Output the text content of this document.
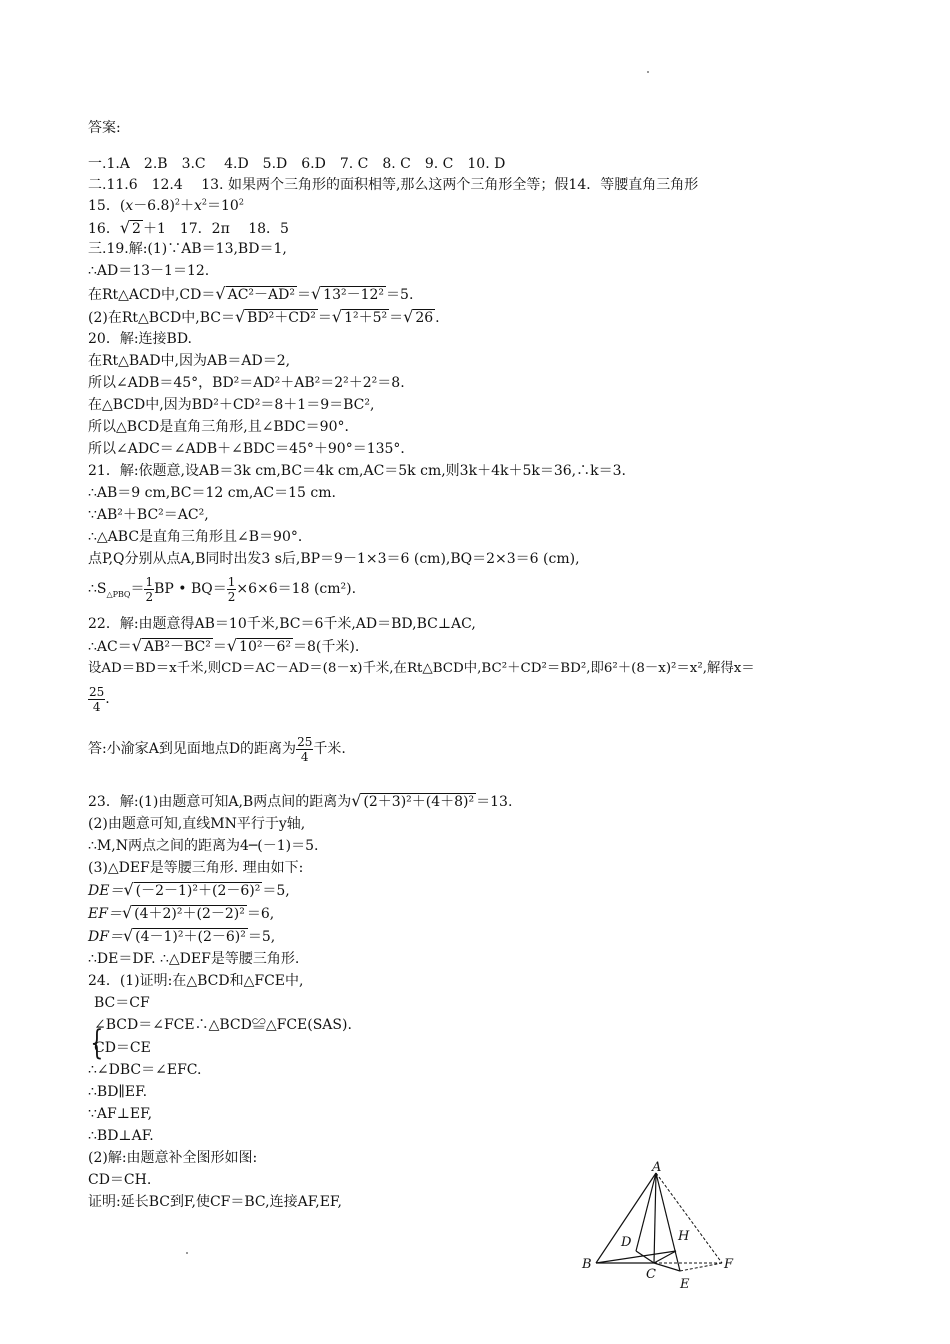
答案:
一.1.A　2.B　3.C　 4.D　5.D　6.D　7. C　8. C　9. C　10. D
二.11.6　12.4　 13. 如果两个三角形的面积相等,那么这两个三角形全等；假14．等腰直角三角形
15．$(x-6.8)^2+x^2=10^2$
16．√ 2 ＋1　17．2π　 18．5
三.19.解:(1)∵AB＝13,BD＝1,
∴AD＝13－1＝12.
在Rt△ACD中,CD＝√ AC²－AD² ＝√ 13²－12² ＝5.
(2)在Rt△BCD中,BC＝√ BD²＋CD² ＝√ 1²＋5² ＝√ 26 .
20．解:连接BD.
在Rt△BAD中,因为AB＝AD＝2,
所以∠ADB＝45°，BD²＝AD²＋AB²＝2²＋2²＝8.
在△BCD中,因为BD²＋CD²＝8＋1＝9＝BC²,
所以△BCD是直角三角形,且∠BDC＝90°．
所以∠ADC＝∠ADB＋∠BDC＝45°＋90°＝135°．
21．解:依题意,设AB＝3k cm,BC＝4k cm,AC＝5k cm,则3k＋4k＋5k＝36,∴k＝3.
∴AB＝9 cm,BC＝12 cm,AC＝15 cm.
∵AB²＋BC²＝AC²,
∴△ABC是直角三角形且∠B＝90°．
点P,Q分别从点A,B同时出发3 s后,BP＝9－1×3＝6 (cm),BQ＝2×3＝6 (cm),
$\therefore S_{\triangle PBQ}= \frac{1}{2}$ BP • $BQ= \frac{1}{2} \times 6\times 6=18$ (cm²).
22．解:由题意得AB＝10千米,BC＝6千米,AD＝BD,BC⊥AC,
∴AC＝√ AB²－BC² ＝√ 10²－6² ＝8(千米).
设AD＝BD＝x千米,则CD＝AC－AD＝(8－x)千米,在Rt△BCD中,BC²＋CD²＝BD²,即6²＋(8－x)²＝x²,解得x＝
$\frac{25}{4}$ .
答:小渝家A到见面地点D的距离为 $\frac{25}{4}$ 千米.
23．解:(1)由题意可知A,B两点间的距离为√ (2＋3)²＋(4＋8)² ＝13.
(2)由题意可知,直线MN平行于y轴,
∴M,N两点之间的距离为4─(－1)＝5.
(3)△DEF是等腰三角形. 理由如下:
DE＝√ (－2－1)²＋(2－6)² ＝5,
EF＝√ (4＋2)²＋(2－2)² ＝6,
DF＝√ (4－1)²＋(2－6)² ＝5,
∴DE＝DF. ∴△DEF是等腰三角形.
24．(1)证明:在△BCD和△FCE中,
{
BC＝CF
∠BCD＝∠FCE∴△BCD≌△FCE(SAS).
CD＝CE
∴∠DBC＝∠EFC.
∴BD∥EF.
∵AF⊥EF,
∴BD⊥AF.
(2)解:由题意补全图形如图:
CD＝CH.
证明:延长BC到F,使CF＝BC,连接AF,EF,
A
B
C
D
E
F
H
